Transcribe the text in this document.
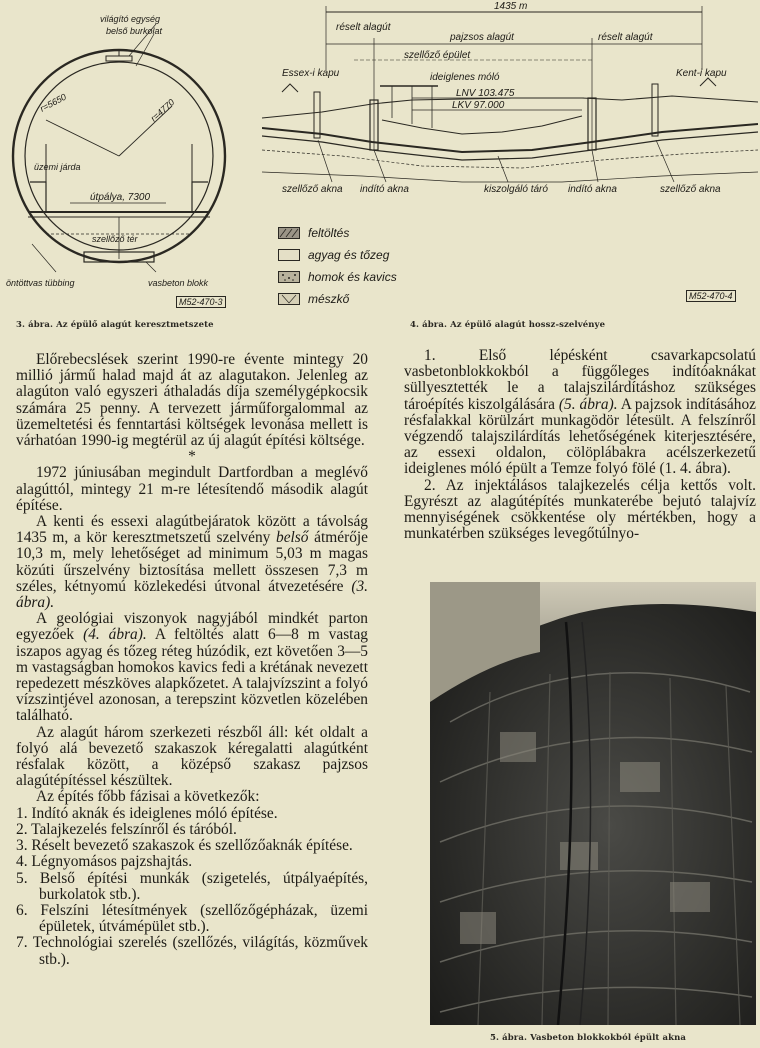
világító egység
belső burkolat
r=5650	r=4770
üzemi járda
útpálya, 7300
szellőző tér
öntöttvas tübbing	vasbeton blokk
M52-470-3
3. ábra. Az épülő alagút keresztmetszete
1435 m
réselt alagút
pajzsos alagút	réselt alagút
szellőző épület
Essex-i kapu	Kent-i kapu
ideiglenes móló
LNV 103.475
LKV 97.000
szellőző akna indító akna	kiszolgáló táró indító akna	szellőző akna
feltöltés
agyag és tőzeg
homok és kavics
mészkő	M52-470-4
4. ábra. Az épülő alagút hossz-szelvénye

Előrebecslések szerint 1990-re évente mintegy 20 millió jármű halad majd át az alagutakon. Jelenleg az alagúton való egyszeri áthaladás díja személygépkocsik számára 25 penny. A tervezett járműforgalommal az üzemeltetési és fenntartási költségek levonása mellett is várhatóan 1990-ig megtérül az új alagút építési költsége.

*

1972 júniusában megindult Dartfordban a meglévő alagúttól, mintegy 21 m-re létesítendő második alagút építése.

A kenti és essexi alagútbejáratok között a távolság 1435 m, a kör keresztmetszetű szelvény belső átmérője 10,3 m, mely lehetőséget ad minimum 5,03 m magas közúti űrszelvény biztosítása mellett összesen 7,3 m széles, kétnyomú közlekedési útvonal átvezetésére (3. ábra).

A geológiai viszonyok nagyjából mindkét parton egyezőek (4. ábra). A feltöltés alatt 6—8 m vastag iszapos agyag és tőzeg réteg húzódik, ezt követően 3—5 m vastagságban homokos kavics fedi a krétának nevezett repedezett mészköves alapkőzetet. A talajvízszint a folyó vízszintjével azonosan, a terepszint közvetlen közelében található.

Az alagút három szerkezeti részből áll: két oldalt a folyó alá bevezető szakaszok kéregalatti alagútként résfalak között, a középső szakasz pajzsos alagútépítéssel készültek.

Az építés főbb fázisai a következők:

1. Indító aknák és ideiglenes móló építése.

2. Talajkezelés felszínről és táróból.

3. Réselt bevezető szakaszok és szellőzőaknák építése.

4. Légnyomásos pajzshajtás.

5. Belső építési munkák (szigetelés, útpályaépítés, burkolatok stb.).

6. Felszíni létesítmények (szellőzőgépházak, üzemi épületek, útvámépület stb.).

7. Technológiai szerelés (szellőzés, világítás, közművek stb.).

1. Első lépésként csavarkapcsolatú vasbetonblokkokból a függőleges indítóaknákat süllyesztették le a talajszilárdításhoz szükséges tároépítés kiszolgálására (5. ábra). A pajzsok indításához résfalakkal körülzárt munkagödör létesült. A felszínről végzendő talajszilárdítás lehetőségének kiterjesztésére, az essexi oldalon, cölöplábakra acélszerkezetű ideiglenes móló épült a Temze folyó fölé (1. 4. ábra).

2. Az injektálásos talajkezelés célja kettős volt. Egyrészt az alagútépítés munkaterébe bejutó talajvíz mennyiségének csökkentése oly mértékben, hogy a munkatérben szükséges levegőtúlnyo-

5. ábra. Vasbeton blokkokból épült akna
